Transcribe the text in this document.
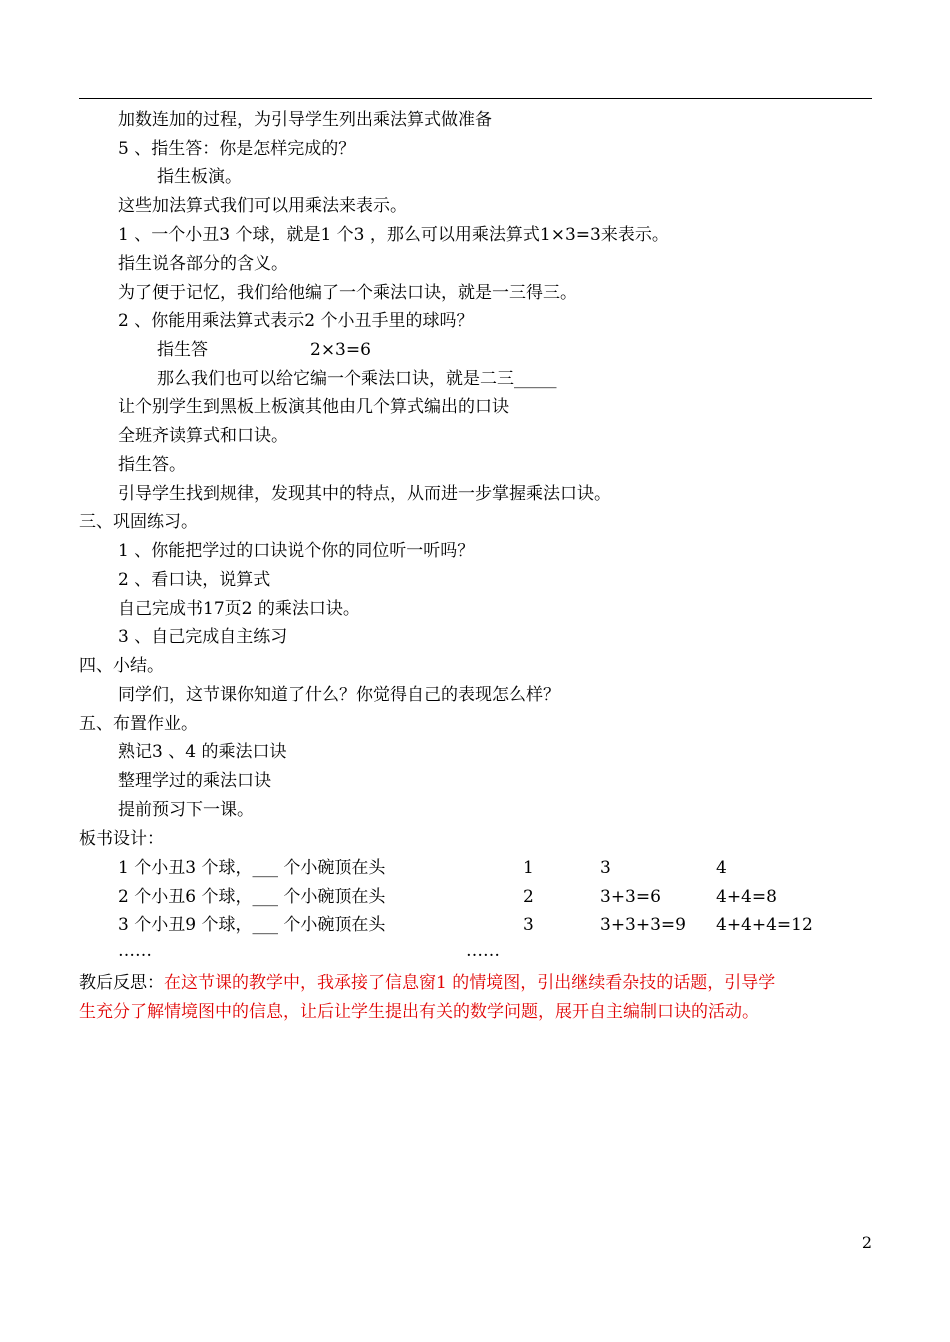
加数连加的过程，为引导学生列出乘法算式做准备
5 、指生答：你是怎样完成的？
指生板演。
这些加法算式我们可以用乘法来表示。
1 、一个小丑3 个球，就是1 个3 ，那么可以用乘法算式1×3=3来表示。
指生说各部分的含义。
为了便于记忆，我们给他编了一个乘法口诀，就是一三得三。
2 、你能用乘法算式表示2 个小丑手里的球吗？
指生答	2×3=6
那么我们也可以给它编一个乘法口诀，就是二三_____
让个别学生到黑板上板演其他由几个算式编出的口诀
全班齐读算式和口诀。
指生答。
引导学生找到规律，发现其中的特点，从而进一步掌握乘法口诀。
三、巩固练习。
1 、你能把学过的口诀说个你的同位听一听吗？
2 、看口诀，说算式
自己完成书17页2 的乘法口诀。
3 、自己完成自主练习
四、小结。
同学们，这节课你知道了什么？你觉得自己的表现怎么样？
五、布置作业。
熟记3 、4 的乘法口诀
整理学过的乘法口诀
提前预习下一课。
板书设计：
1 个小丑3 个球，___ 个小碗顶在头	1	3	4
2 个小丑6 个球，___ 个小碗顶在头	2	3+3=6	4+4=8
3 个小丑9 个球，___ 个小碗顶在头	3	3+3+3=9 4+4+4=12
……	……
教后反思：在这节课的教学中，我承接了信息窗1 的情境图，引出继续看杂技的话题，引导学
生充分了解情境图中的信息，让后让学生提出有关的数学问题，展开自主编制口诀的活动。
2
